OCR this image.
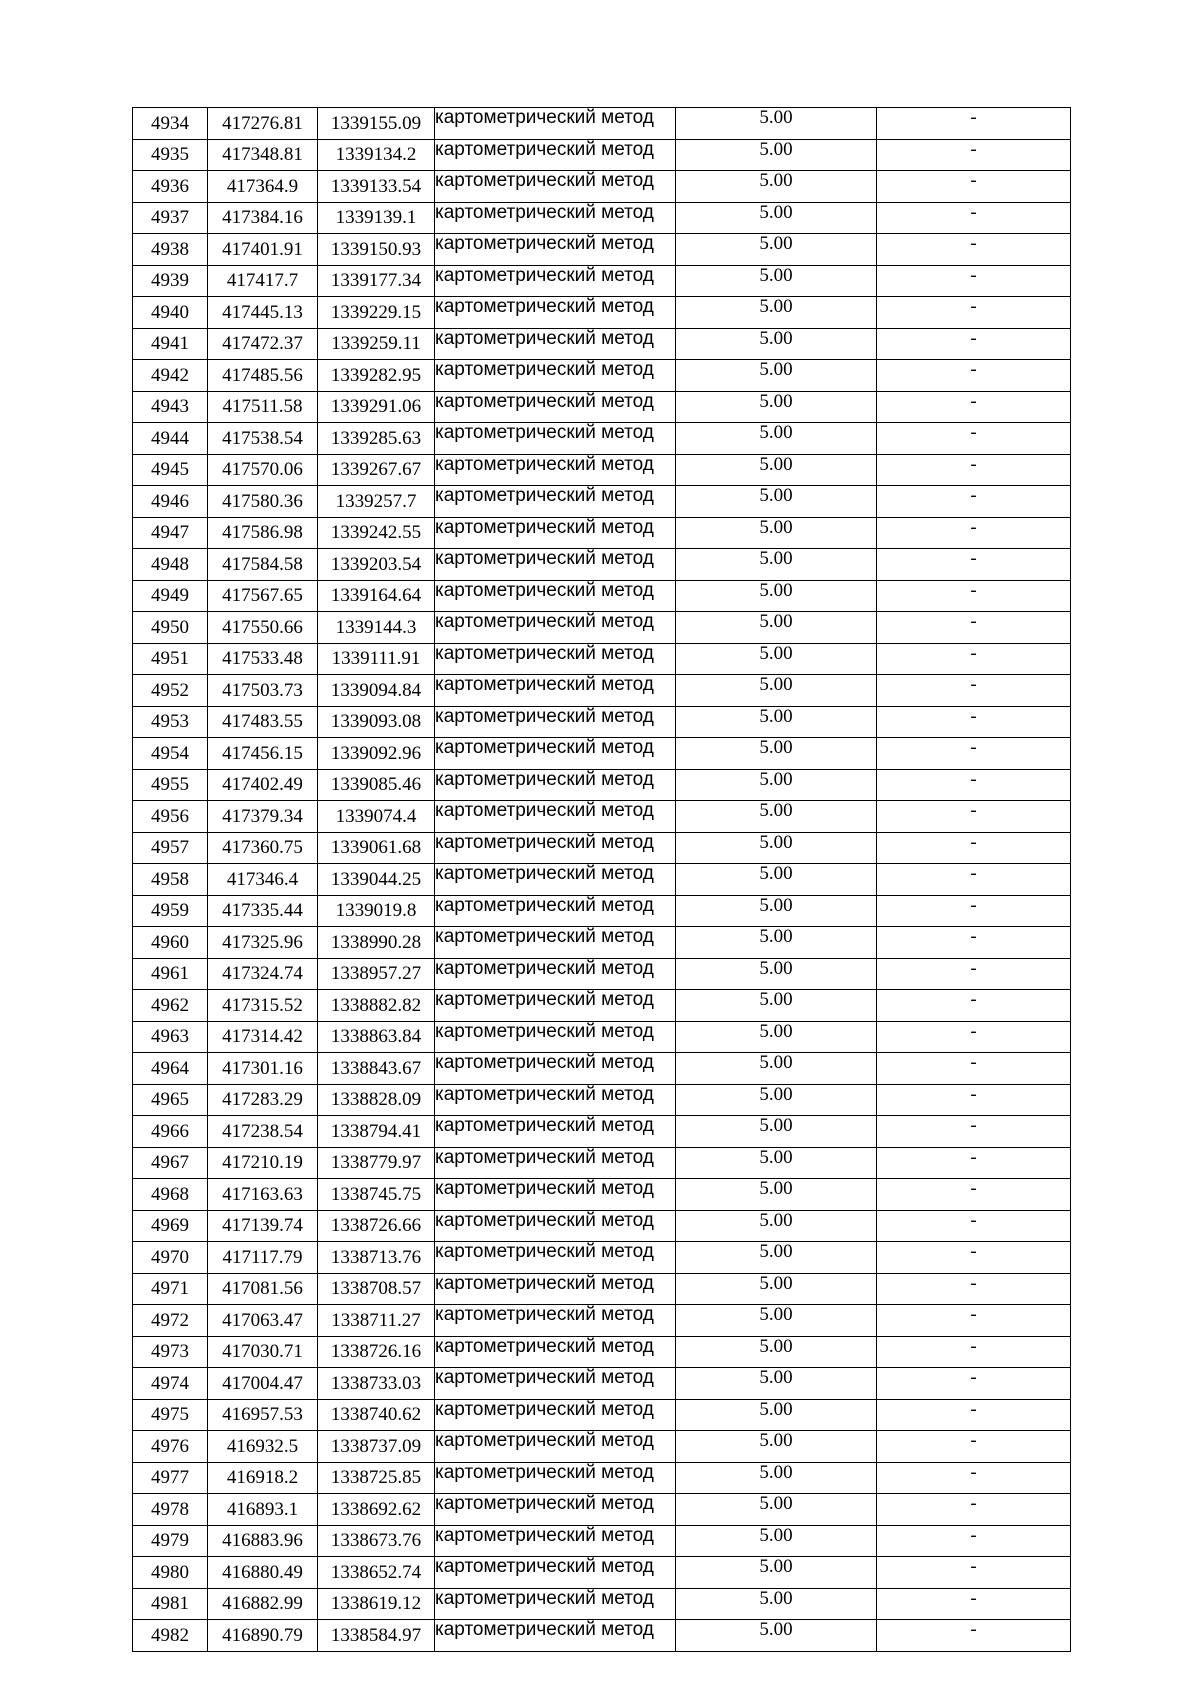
4934	417276.81	1339155.09	картометрический метод	5.00	-
4935	417348.81	1339134.2	картометрический метод	5.00	-
4936	417364.9	1339133.54	картометрический метод	5.00	-
4937	417384.16	1339139.1	картометрический метод	5.00	-
4938	417401.91	1339150.93	картометрический метод	5.00	-
4939	417417.7	1339177.34	картометрический метод	5.00	-
4940	417445.13	1339229.15	картометрический метод	5.00	-
4941	417472.37	1339259.11	картометрический метод	5.00	-
4942	417485.56	1339282.95	картометрический метод	5.00	-
4943	417511.58	1339291.06	картометрический метод	5.00	-
4944	417538.54	1339285.63	картометрический метод	5.00	-
4945	417570.06	1339267.67	картометрический метод	5.00	-
4946	417580.36	1339257.7	картометрический метод	5.00	-
4947	417586.98	1339242.55	картометрический метод	5.00	-
4948	417584.58	1339203.54	картометрический метод	5.00	-
4949	417567.65	1339164.64	картометрический метод	5.00	-
4950	417550.66	1339144.3	картометрический метод	5.00	-
4951	417533.48	1339111.91	картометрический метод	5.00	-
4952	417503.73	1339094.84	картометрический метод	5.00	-
4953	417483.55	1339093.08	картометрический метод	5.00	-
4954	417456.15	1339092.96	картометрический метод	5.00	-
4955	417402.49	1339085.46	картометрический метод	5.00	-
4956	417379.34	1339074.4	картометрический метод	5.00	-
4957	417360.75	1339061.68	картометрический метод	5.00	-
4958	417346.4	1339044.25	картометрический метод	5.00	-
4959	417335.44	1339019.8	картометрический метод	5.00	-
4960	417325.96	1338990.28	картометрический метод	5.00	-
4961	417324.74	1338957.27	картометрический метод	5.00	-
4962	417315.52	1338882.82	картометрический метод	5.00	-
4963	417314.42	1338863.84	картометрический метод	5.00	-
4964	417301.16	1338843.67	картометрический метод	5.00	-
4965	417283.29	1338828.09	картометрический метод	5.00	-
4966	417238.54	1338794.41	картометрический метод	5.00	-
4967	417210.19	1338779.97	картометрический метод	5.00	-
4968	417163.63	1338745.75	картометрический метод	5.00	-
4969	417139.74	1338726.66	картометрический метод	5.00	-
4970	417117.79	1338713.76	картометрический метод	5.00	-
4971	417081.56	1338708.57	картометрический метод	5.00	-
4972	417063.47	1338711.27	картометрический метод	5.00	-
4973	417030.71	1338726.16	картометрический метод	5.00	-
4974	417004.47	1338733.03	картометрический метод	5.00	-
4975	416957.53	1338740.62	картометрический метод	5.00	-
4976	416932.5	1338737.09	картометрический метод	5.00	-
4977	416918.2	1338725.85	картометрический метод	5.00	-
4978	416893.1	1338692.62	картометрический метод	5.00	-
4979	416883.96	1338673.76	картометрический метод	5.00	-
4980	416880.49	1338652.74	картометрический метод	5.00	-
4981	416882.99	1338619.12	картометрический метод	5.00	-
4982	416890.79	1338584.97	картометрический метод	5.00	-
